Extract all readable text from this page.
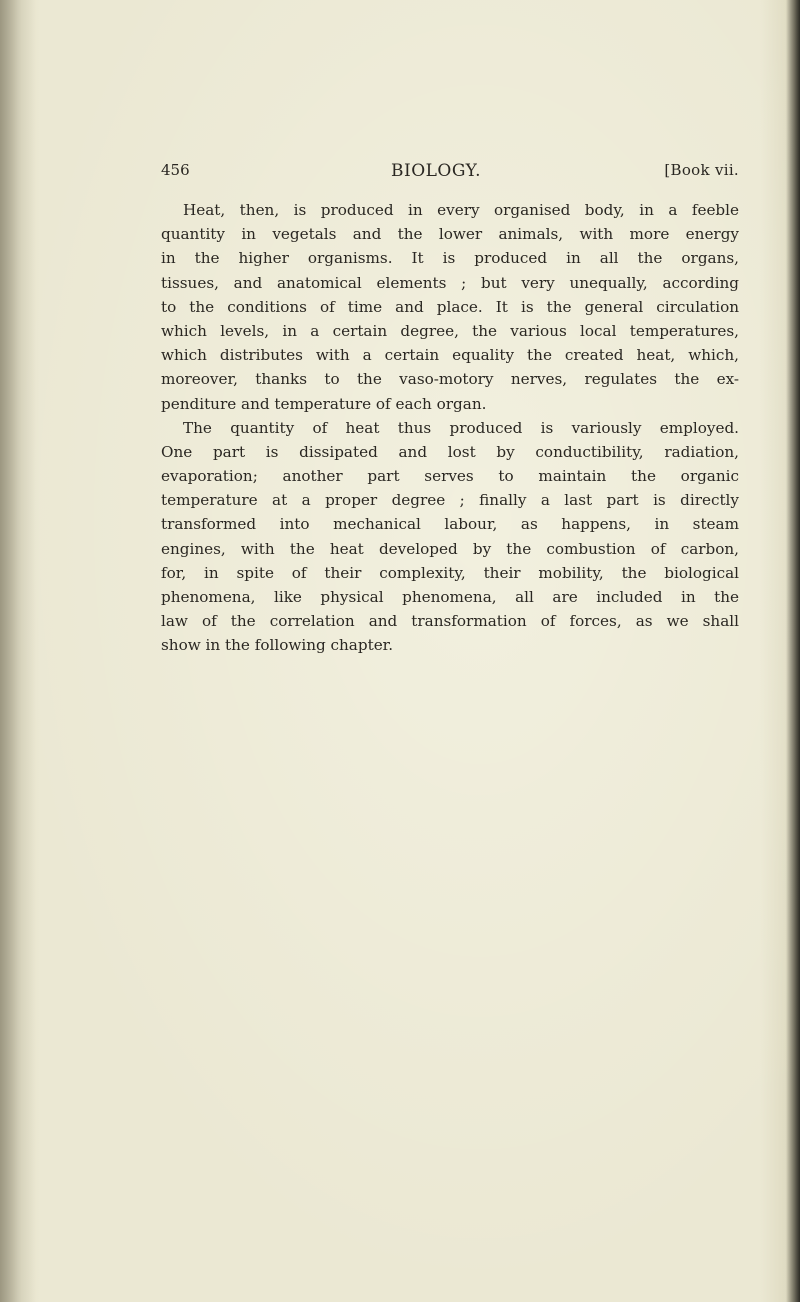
456	BIOLOGY.	[Book vii.
Heat, then, is produced in every organised body, in a feeble
quantity in vegetals and the lower animals, with more energy
in the higher organisms. It is produced in all the organs,
tissues, and anatomical elements ; but very unequally, according
to the conditions of time and place. It is the general circulation
which levels, in a certain degree, the various local temperatures,
which distributes with a certain equality the created heat, which,
moreover, thanks to the vaso-motory nerves, regulates the ex-
penditure and temperature of each organ.
The quantity of heat thus produced is variously employed.
One part is dissipated and lost by conductibility, radiation,
evaporation; another part serves to maintain the organic
temperature at a proper degree ; finally a last part is directly
transformed into mechanical labour, as happens, in steam
engines, with the heat developed by the combustion of carbon,
for, in spite of their complexity, their mobility, the biological
phenomena, like physical phenomena, all are included in the
law of the correlation and transformation of forces, as we shall
show in the following chapter.
